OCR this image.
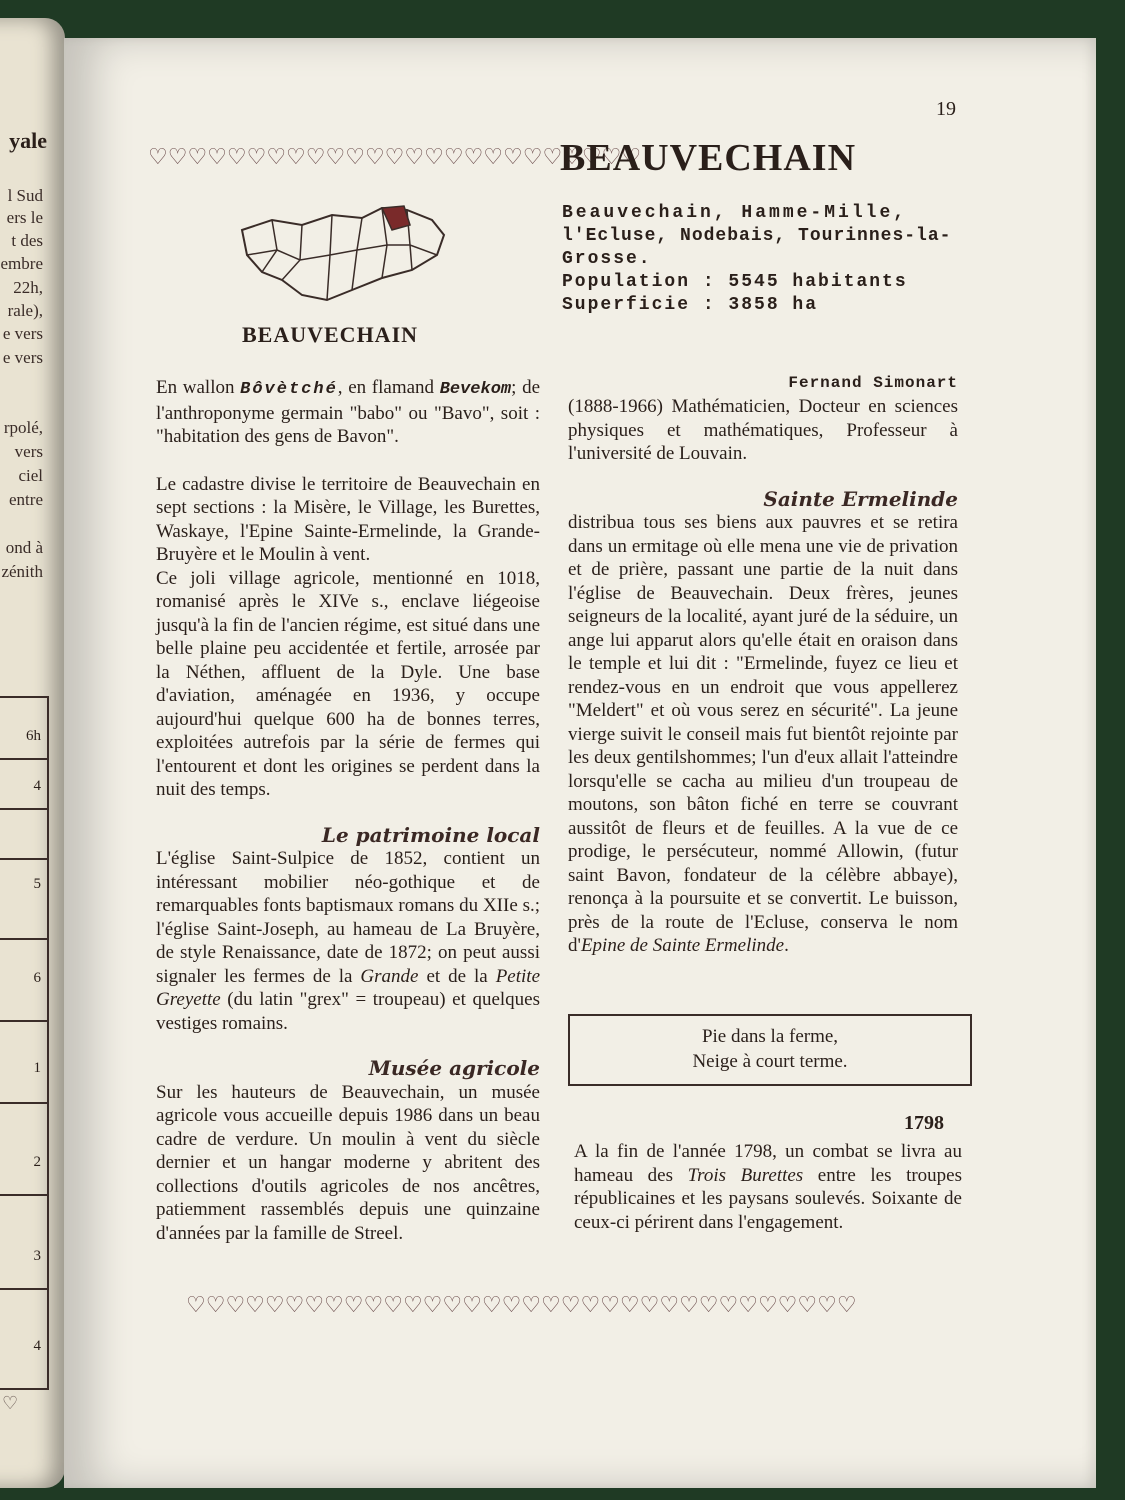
yale
l Sud
ers le
t des
embre
22h,
rale),
e vers
e vers
rpolé,
vers
ciel
entre
ond à
zénith
6h
4
5
6
1
2
3
4
♡
19
♡♡♡♡♡♡♡♡♡♡♡♡♡♡♡♡♡♡♡♡♡♡♡♡♡
BEAUVECHAIN
BEAUVECHAIN

En wallon Bôvètché, en flamand Bevekom; de l'anthroponyme germain "babo" ou "Bavo", soit : "habitation des gens de Bavon".

Le cadastre divise le territoire de Beauvechain en sept sections : la Misère, le Village, les Burettes, Waskaye, l'Epine Sainte-Ermelinde, la Grande-Bruyère et le Moulin à vent.

Ce joli village agricole, mentionné en 1018, romanisé après le XIVe s., enclave liégeoise jusqu'à la fin de l'ancien régime, est situé dans une belle plaine peu accidentée et fertile, arrosée par la Néthen, affluent de la Dyle. Une base d'aviation, aménagée en 1936, y occupe aujourd'hui quelque 600 ha de bonnes terres, exploitées autrefois par la série de fermes qui l'entourent et dont les origines se perdent dans la nuit des temps.

Le patrimoine local

L'église Saint-Sulpice de 1852, contient un intéressant mobilier néo-gothique et de remarquables fonts baptismaux romans du XIIe s.; l'église Saint-Joseph, au hameau de La Bruyère, de style Renaissance, date de 1872; on peut aussi signaler les fermes de la Grande et de la Petite Greyette (du latin "grex" = troupeau) et quelques vestiges romains.

Musée agricole

Sur les hauteurs de Beauvechain, un musée agricole vous accueille depuis 1986 dans un beau cadre de verdure. Un moulin à vent du siècle dernier et un hangar moderne y abritent des collections d'outils agricoles de nos ancêtres, patiemment rassemblés depuis une quinzaine d'années par la famille de Streel.

Beauvechain, Hamme-Mille,
l'Ecluse, Nodebais, Tourinnes-la-
Grosse.
Population : 5545 habitants
Superficie : 3858 ha

Fernand Simonart

(1888-1966) Mathématicien, Docteur en sciences physiques et mathématiques, Professeur à l'université de Louvain.

Sainte Ermelinde

distribua tous ses biens aux pauvres et se retira dans un ermitage où elle mena une vie de privation et de prière, passant une partie de la nuit dans l'église de Beauvechain. Deux frères, jeunes seigneurs de la localité, ayant juré de la séduire, un ange lui apparut alors qu'elle était en oraison dans le temple et lui dit : "Ermelinde, fuyez ce lieu et rendez-vous en un endroit que vous appellerez "Meldert" et où vous serez en sécurité". La jeune vierge suivit le conseil mais fut bientôt rejointe par les deux gentilshommes; l'un d'eux allait l'atteindre lorsqu'elle se cacha au milieu d'un troupeau de moutons, son bâton fiché en terre se couvrant aussitôt de fleurs et de feuilles. A la vue de ce prodige, le persécuteur, nommé Allowin, (futur saint Bavon, fondateur de la célèbre abbaye), renonça à la poursuite et se convertit. Le buisson, près de la route de l'Ecluse, conserva le nom d'Epine de Sainte Ermelinde.

Pie dans la ferme,
Neige à court terme.
1798

A la fin de l'année 1798, un combat se livra au hameau des Trois Burettes entre les troupes républicaines et les paysans soulevés. Soixante de ceux-ci périrent dans l'engagement.

♡♡♡♡♡♡♡♡♡♡♡♡♡♡♡♡♡♡♡♡♡♡♡♡♡♡♡♡♡♡♡♡♡♡
